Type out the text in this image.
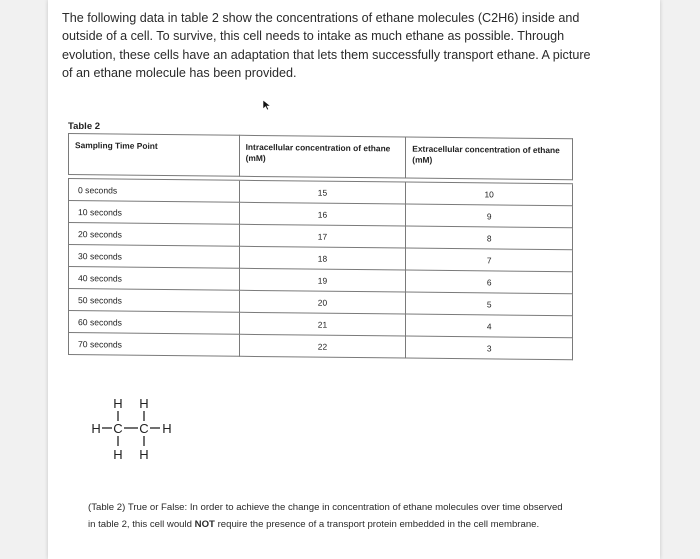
The following data in table 2 show the concentrations of ethane molecules (C2H6) inside and outside of a cell. To survive, this cell needs to intake as much ethane as possible. Through evolution, these cells have an adaptation that lets them successfully transport ethane. A picture of an ethane molecule has been provided.
Table 2
Sampling Time Point	Intracellular concentration of ethane (mM)	Extracellular concentration of ethane (mM)

0 seconds	15	10
10 seconds	16	9
20 seconds	17	8
30 seconds	18	7
40 seconds	19	6
50 seconds	20	5
60 seconds	21	4
70 seconds	22	3
H H
H C C H
H H
(Table 2) True or False: In order to achieve the change in concentration of ethane molecules over time observed in table 2, this cell would NOT require the presence of a transport protein embedded in the cell membrane.
